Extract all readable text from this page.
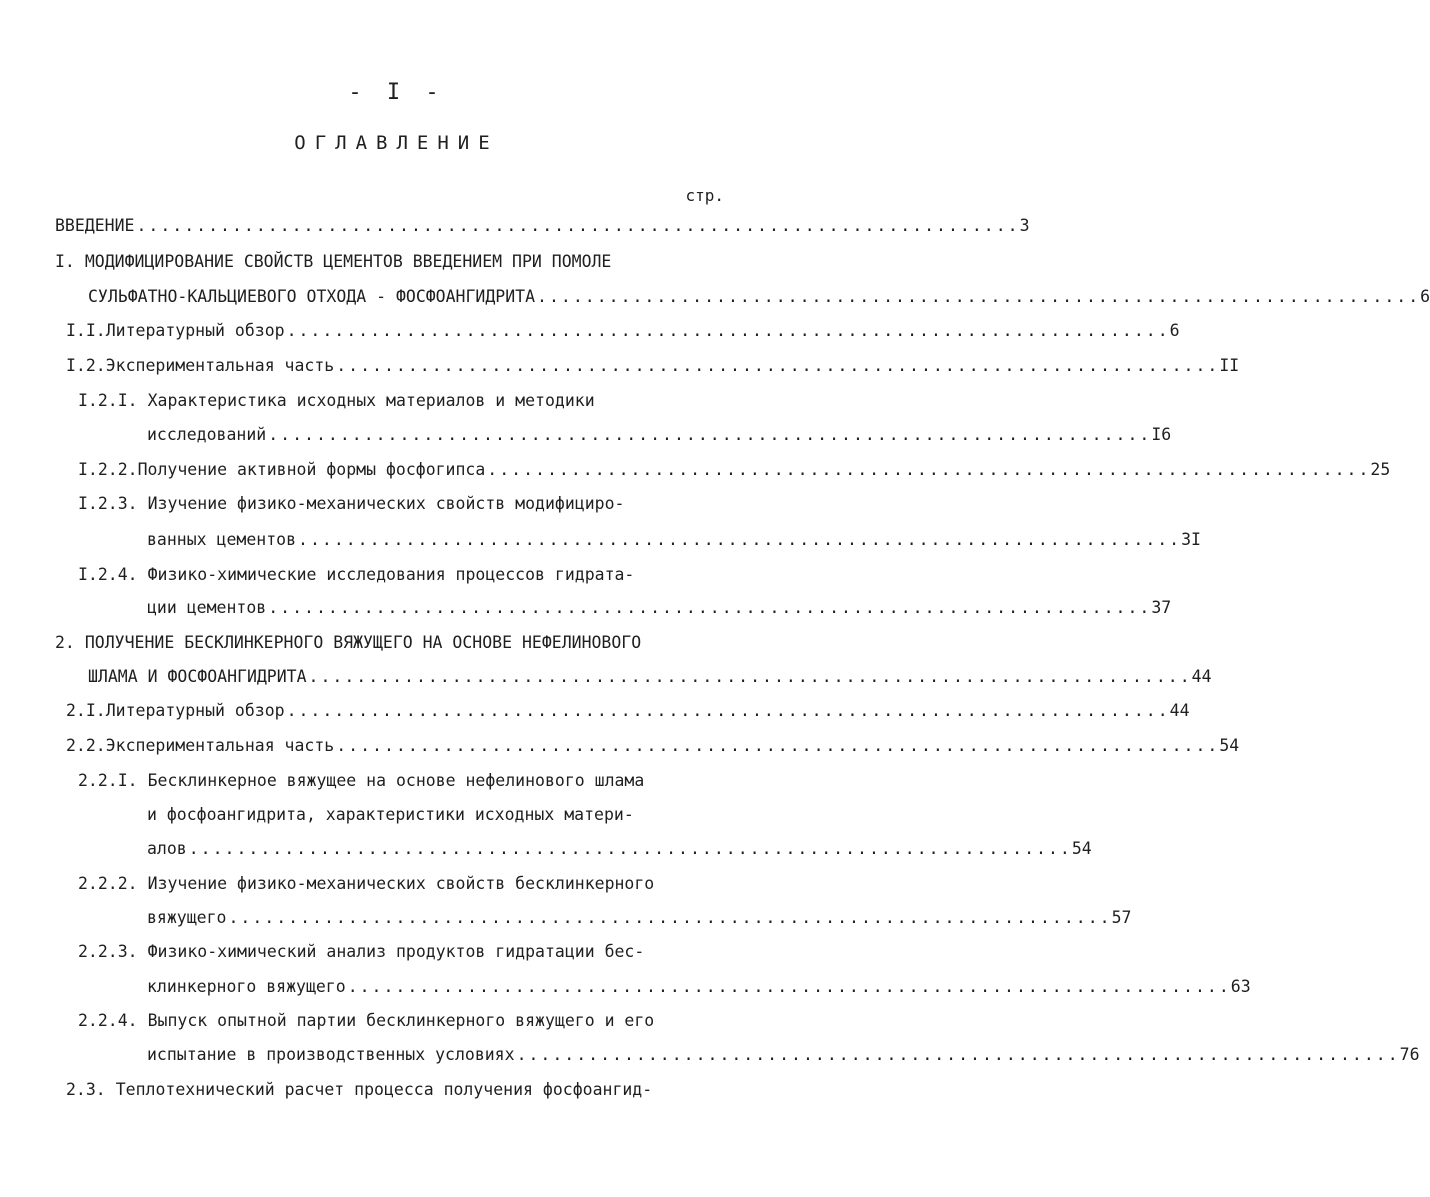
- I -
ОГЛАВЛЕНИЕ
стр.
ВВЕДЕНИЕ .......................................................................... 3
I. МОДИФИЦИРОВАНИЕ СВОЙСТВ ЦЕМЕНТОВ ВВЕДЕНИЕМ ПРИ ПОМОЛЕ
СУЛЬФАТНО-КАЛЬЦИЕВОГО ОТХОДА - ФОСФОАНГИДРИТА .......................................................................... 6
I.I. Литературный обзор .......................................................................... 6
I.2. Экспериментальная часть .......................................................................... II
I.2.I. Характеристика исходных материалов и методики
исследований .......................................................................... I6
I.2.2. Получение активной формы фосфогипса .......................................................................... 25
I.2.3. Изучение физико-механических свойств модифициро-
ванных цементов .......................................................................... 3I
I.2.4. Физико-химические исследования процессов гидрата-
ции цементов .......................................................................... 37
2. ПОЛУЧЕНИЕ БЕСКЛИНКЕРНОГО ВЯЖУЩЕГО НА ОСНОВЕ НЕФЕЛИНОВОГО
ШЛАМА И ФОСФОАНГИДРИТА .......................................................................... 44
2.I. Литературный обзор .......................................................................... 44
2.2. Экспериментальная часть .......................................................................... 54
2.2.I. Бесклинкерное вяжущее на основе нефелинового шлама
и фосфоангидрита, характеристики исходных матери-
алов .......................................................................... 54
2.2.2. Изучение физико-механических свойств бесклинкерного
вяжущего .......................................................................... 57
2.2.3. Физико-химический анализ продуктов гидратации бес-
клинкерного вяжущего .......................................................................... 63
2.2.4. Выпуск опытной партии бесклинкерного вяжущего и его
испытание в производственных условиях .......................................................................... 76
2.3. Теплотехнический расчет процесса получения фосфоангид-
